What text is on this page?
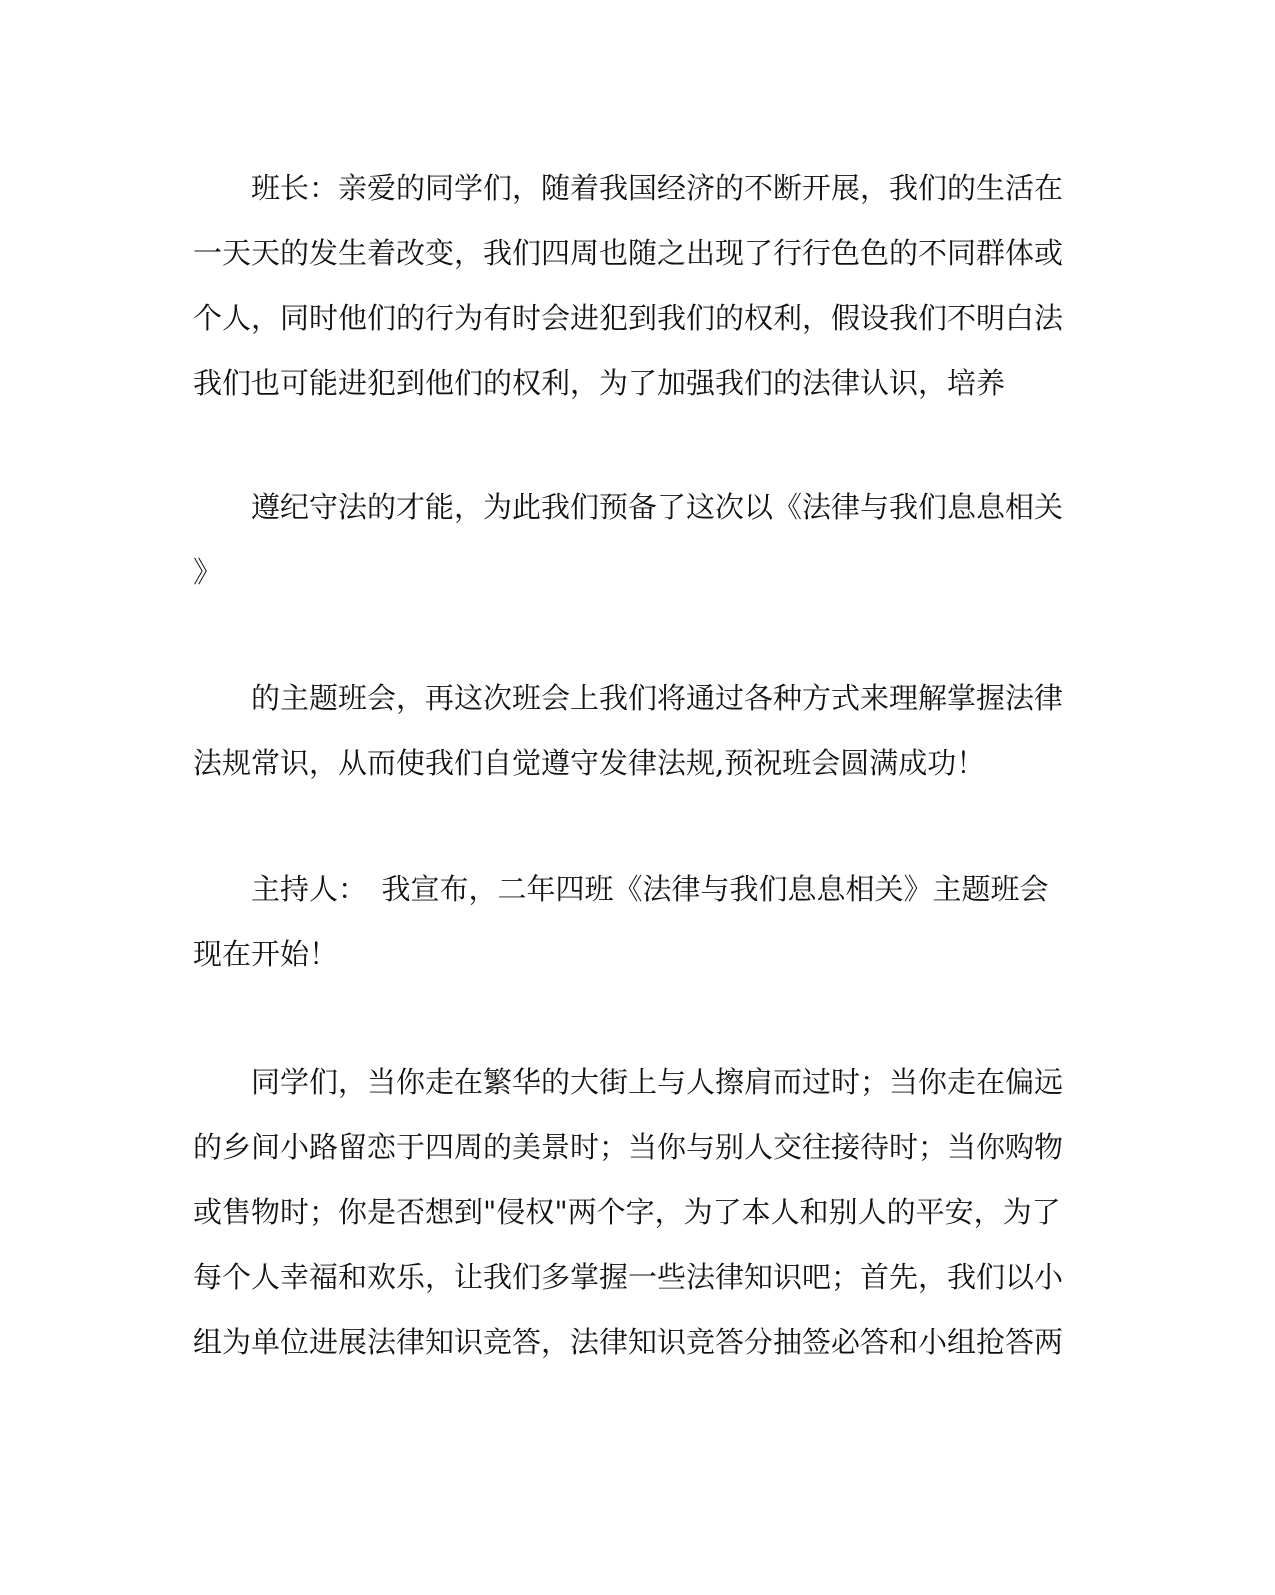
班长：亲爱的同学们，随着我国经济的不断开展，我们的生活在
一天天的发生着改变，我们四周也随之出现了行行色色的不同群体或
个人，同时他们的行为有时会进犯到我们的权利，假设我们不明白法
我们也可能进犯到他们的权利，为了加强我们的法律认识，培养
遵纪守法的才能，为此我们预备了这次以《法律与我们息息相关
》
的主题班会，再这次班会上我们将通过各种方式来理解掌握法律
法规常识，从而使我们自觉遵守发律法规,预祝班会圆满成功！
主持人：　我宣布，二年四班《法律与我们息息相关》主题班会
现在开始！
同学们，当你走在繁华的大街上与人擦肩而过时；当你走在偏远
的乡间小路留恋于四周的美景时；当你与别人交往接待时；当你购物
或售物时；你是否想到"侵权"两个字，为了本人和别人的平安，为了
每个人幸福和欢乐，让我们多掌握一些法律知识吧；首先，我们以小
组为单位进展法律知识竞答，法律知识竞答分抽签必答和小组抢答两
